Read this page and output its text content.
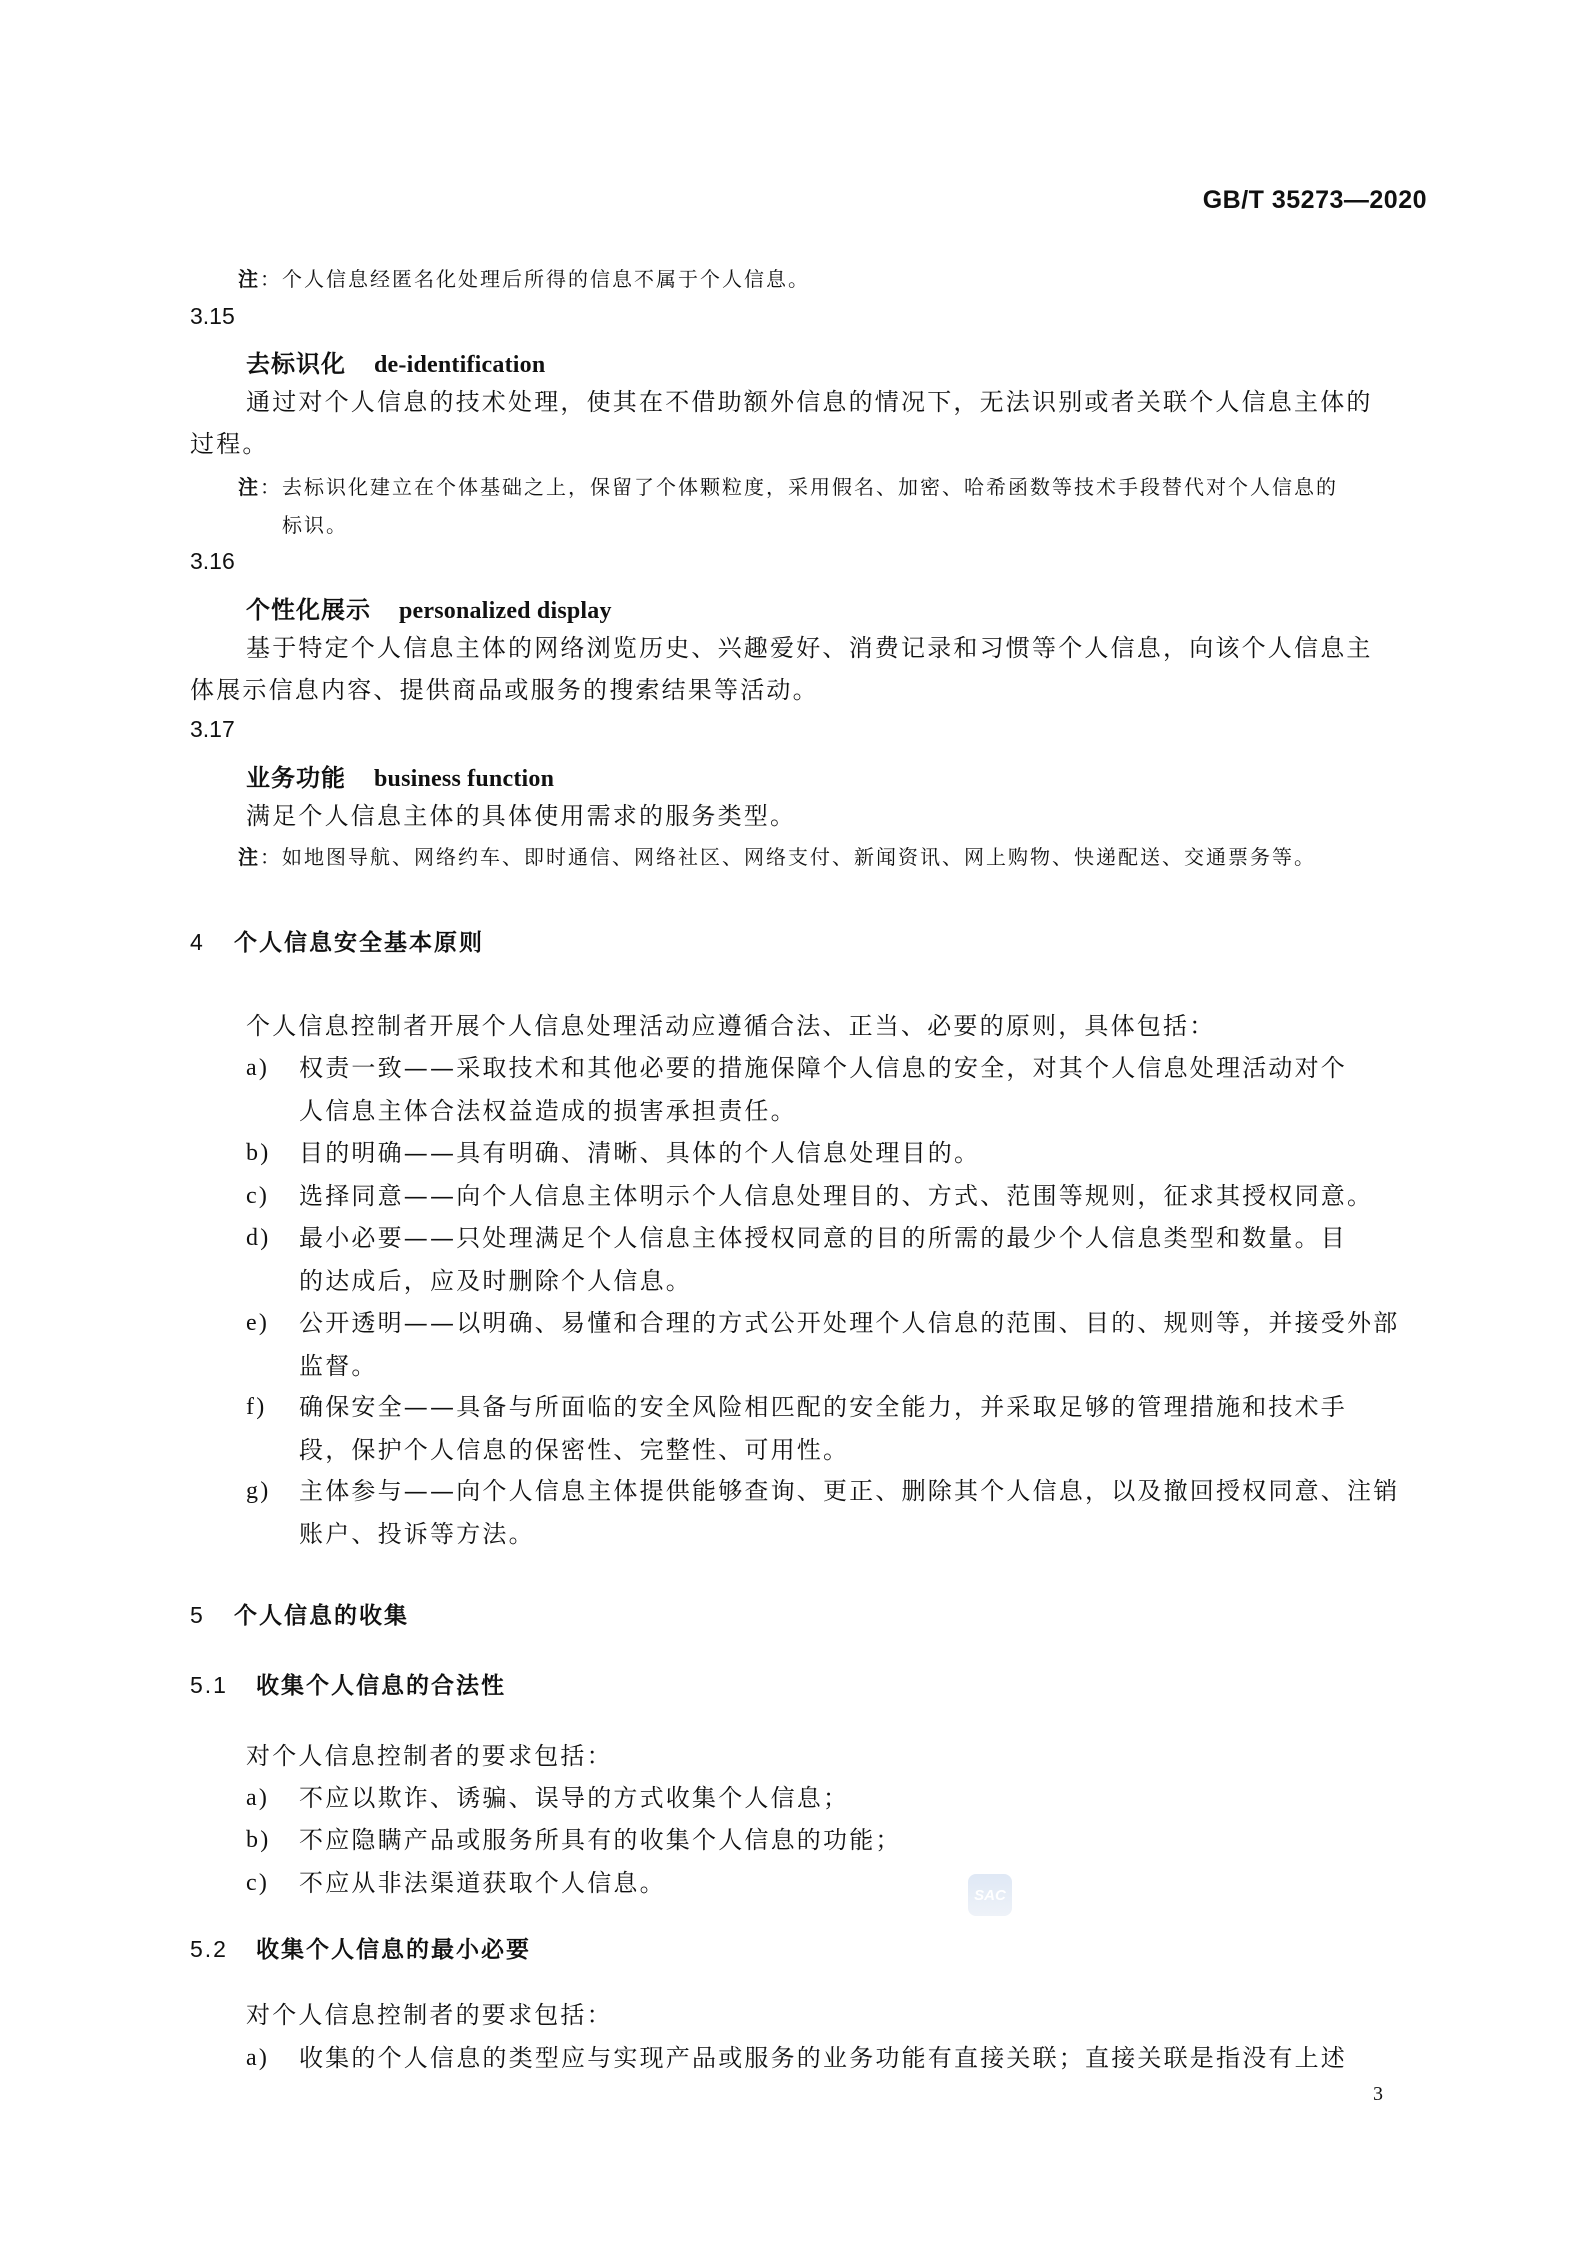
GB/T 35273—2020
注：个人信息经匿名化处理后所得的信息不属于个人信息。
3.15
去标识化 de-identification
通过对个人信息的技术处理，使其在不借助额外信息的情况下，无法识别或者关联个人信息主体的
过程。
注：去标识化建立在个体基础之上，保留了个体颗粒度，采用假名、加密、哈希函数等技术手段替代对个人信息的
标识。
3.16
个性化展示 personalized display
基于特定个人信息主体的网络浏览历史、兴趣爱好、消费记录和习惯等个人信息，向该个人信息主
体展示信息内容、提供商品或服务的搜索结果等活动。
3.17
业务功能 business function
满足个人信息主体的具体使用需求的服务类型。
注：如地图导航、网络约车、即时通信、网络社区、网络支付、新闻资讯、网上购物、快递配送、交通票务等。
4 个人信息安全基本原则
个人信息控制者开展个人信息处理活动应遵循合法、正当、必要的原则，具体包括：
a) 权责一致——采取技术和其他必要的措施保障个人信息的安全，对其个人信息处理活动对个
人信息主体合法权益造成的损害承担责任。
b) 目的明确——具有明确、清晰、具体的个人信息处理目的。
c) 选择同意——向个人信息主体明示个人信息处理目的、方式、范围等规则，征求其授权同意。
d) 最小必要——只处理满足个人信息主体授权同意的目的所需的最少个人信息类型和数量。目
的达成后，应及时删除个人信息。
e) 公开透明——以明确、易懂和合理的方式公开处理个人信息的范围、目的、规则等，并接受外部
监督。
f) 确保安全——具备与所面临的安全风险相匹配的安全能力，并采取足够的管理措施和技术手
段，保护个人信息的保密性、完整性、可用性。
g) 主体参与——向个人信息主体提供能够查询、更正、删除其个人信息，以及撤回授权同意、注销
账户、投诉等方法。
5 个人信息的收集
5.1 收集个人信息的合法性
对个人信息控制者的要求包括：
a) 不应以欺诈、诱骗、误导的方式收集个人信息；
b) 不应隐瞒产品或服务所具有的收集个人信息的功能；
c) 不应从非法渠道获取个人信息。	SAC
5.2 收集个人信息的最小必要
对个人信息控制者的要求包括：
a) 收集的个人信息的类型应与实现产品或服务的业务功能有直接关联；直接关联是指没有上述
3
